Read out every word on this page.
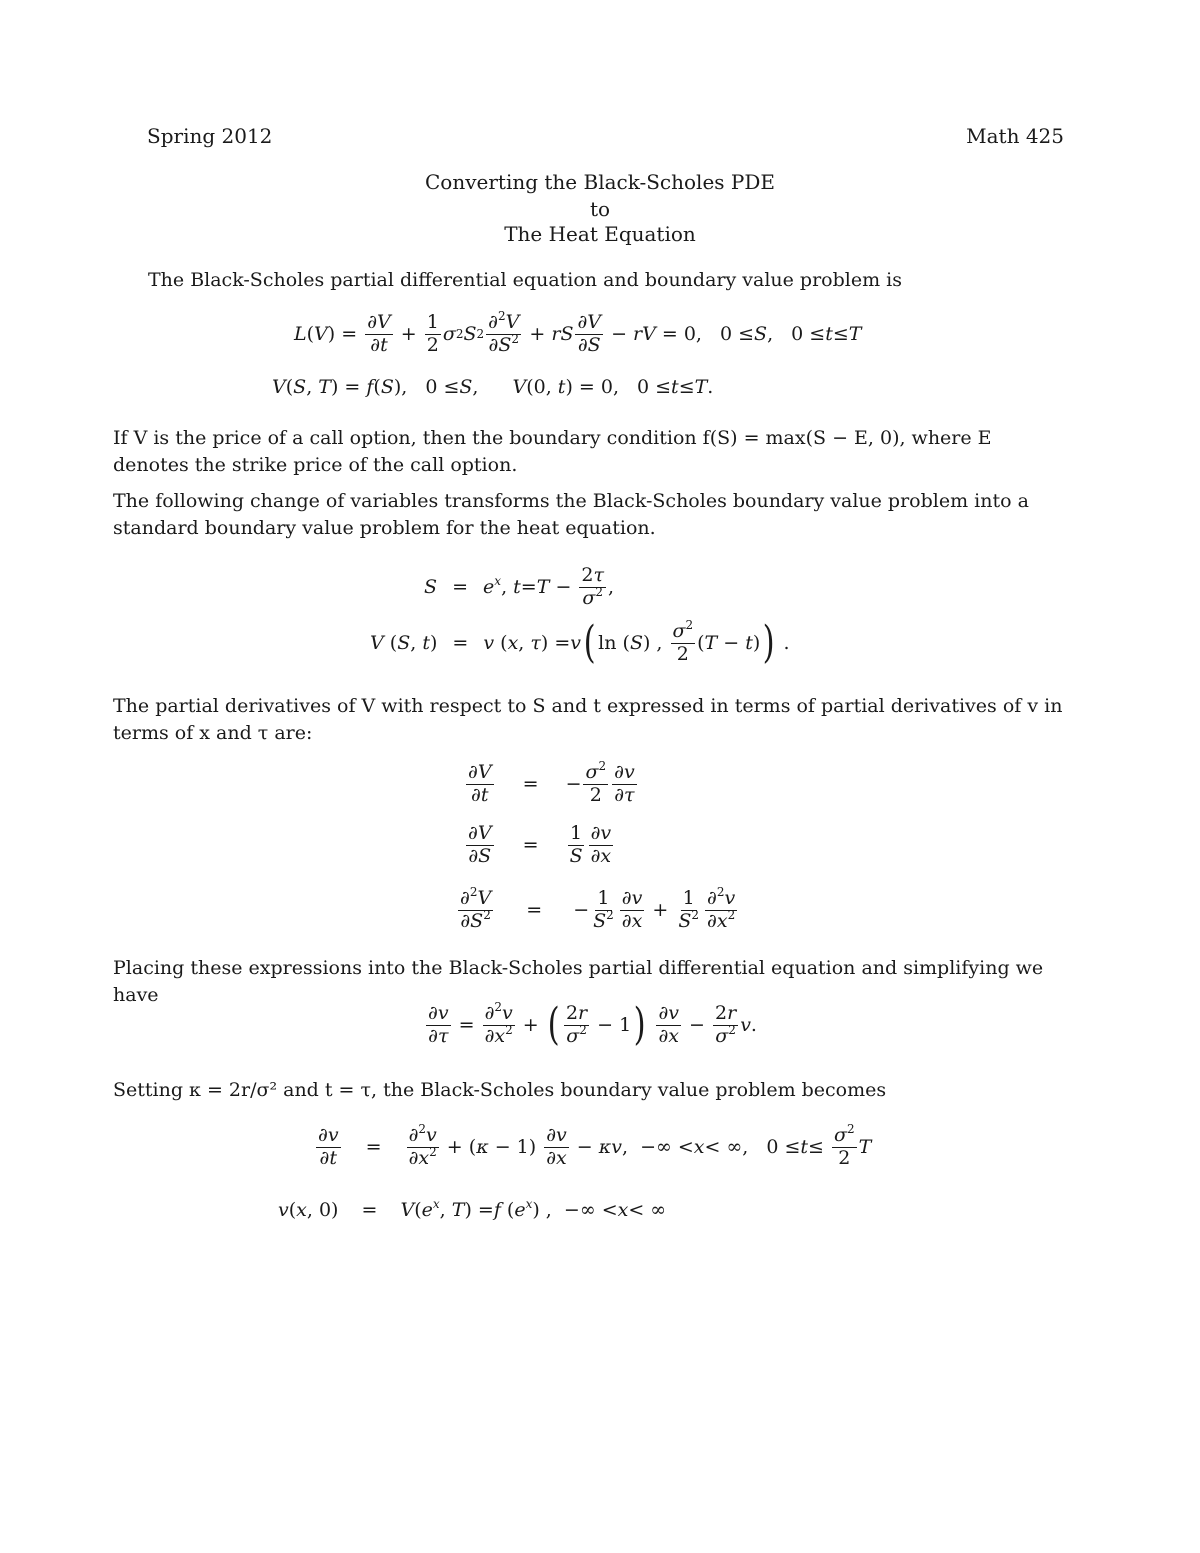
Spring 2012	Math 425
Converting the Black-Scholes PDE
to
The Heat Equation
The Black-Scholes partial differential equation and boundary value problem is
L ( V ) = $\frac{\partial V}{\partial t} + \frac{1}{2}$ σ 2 S $2 \frac{\partial^2V}{\partial S^2}$ + rS $\frac{\partial V}{\partial S}$ − rV = 0, 0 ≤ S , 0 ≤ t ≤ T
V ( S , T ) = f ( S ), 0 ≤ S , V (0, t ) = 0, 0 ≤ t ≤ T .
If V is the price of a call option, then the boundary condition f(S) = max(S − E, 0), where E denotes the strike price of the call option.
The following change of variables transforms the Black-Scholes boundary value problem into a standard boundary value problem for the heat equation.
$S = e^x$ , $t = T - \frac{2\tau}{\sigma^2}$ ,
V ( S , t ) = v ( x , τ ) = v ( ln ( S ) , $\frac{\sigma^2}{2}$ ( T − t ) ) .
The partial derivatives of V with respect to S and t expressed in terms of partial derivatives of v in terms of x and τ are:
$\frac{\partial V}{\partial t}$	=	− $\frac{\sigma^2}{2} \frac{\partial v}{\partial\tau}$
$\frac{\partial V}{\partial S}$	=	$\frac{1}{S} \frac{\partial v}{\partial x}$
$\frac{\partial^2V}{\partial S^2}$	=	− $\frac{1}{S^2} \frac{\partial v}{\partial x} + \frac{1}{S^2} \frac{\partial^2v}{\partial x^2}$
Placing these expressions into the Black-Scholes partial differential equation and simplifying we have
$\frac{\partial v}{\partial\tau} = \frac{\partial^2v}{\partial x^2}$ + ( $\frac{2r}{\sigma^2} - 1$ )
$\frac{\partial v}{\partial x} - \frac{2r}{\sigma^2}$ v .
Setting κ = 2r/σ² and t = τ, the Black-Scholes boundary value problem becomes
$\frac{\partial v}{\partial t}$	=	$\frac{\partial^2v}{\partial x^2}$ + ( $\kappa - 1) \frac{\partial v}{\partial x} - \kappa v$ ,  −∞ < x < ∞, $0 \le t \le \frac{\sigma^2}{2}$ T
v ( x , 0)	=	V ( $e^x$ , T ) = f ( $e^x$ ) ,  −∞ < x < ∞
